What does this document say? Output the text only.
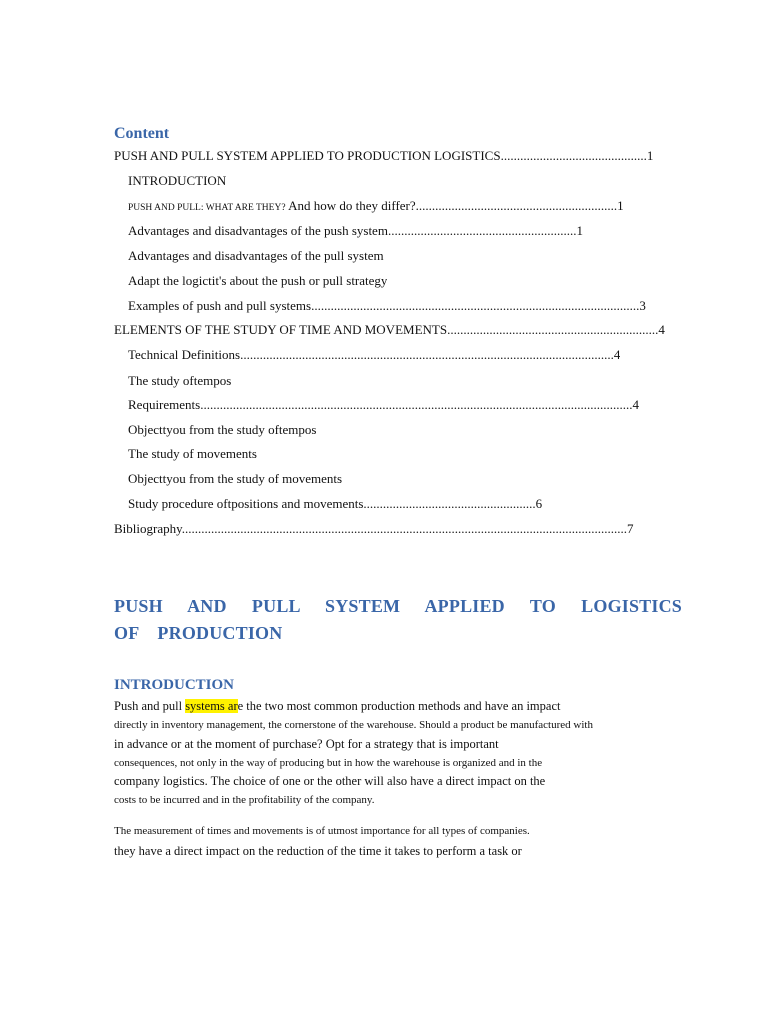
Content
PUSH AND PULL SYSTEM APPLIED TO PRODUCTION LOGISTICS.............................................1
INTRODUCTION
PUSH AND PULL: WHAT ARE THEY? And how do they differ?..............................................................1
Advantages and disadvantages of the push system..........................................................1
Advantages and disadvantages of the pull system
Adapt the logictit's about the push or pull strategy
Examples of push and pull systems.....................................................................................................3
ELEMENTS OF THE STUDY OF TIME AND MOVEMENTS.................................................................4
Technical Definitions...................................................................................................................4
The study oftempos
Requirements.....................................................................................................................................4
Objecttyou from the study oftempos
The study of movements
Objecttyou from the study of movements
Study procedure oftpositions and movements.....................................................6
Bibliography.........................................................................................................................................7
PUSH AND PULL SYSTEM APPLIED TO LOGISTICS OF PRODUCTION
INTRODUCTION
Push and pull systems are the two most common production methods and have an impact
directly in inventory management, the cornerstone of the warehouse. Should a product be manufactured with
in advance or at the moment of purchase? Opt for a strategy that is important
consequences, not only in the way of producing but in how the warehouse is organized and in the
company logistics. The choice of one or the other will also have a direct impact on the
costs to be incurred and in the profitability of the company.
The measurement of times and movements is of utmost importance for all types of companies.
they have a direct impact on the reduction of the time it takes to perform a task or
